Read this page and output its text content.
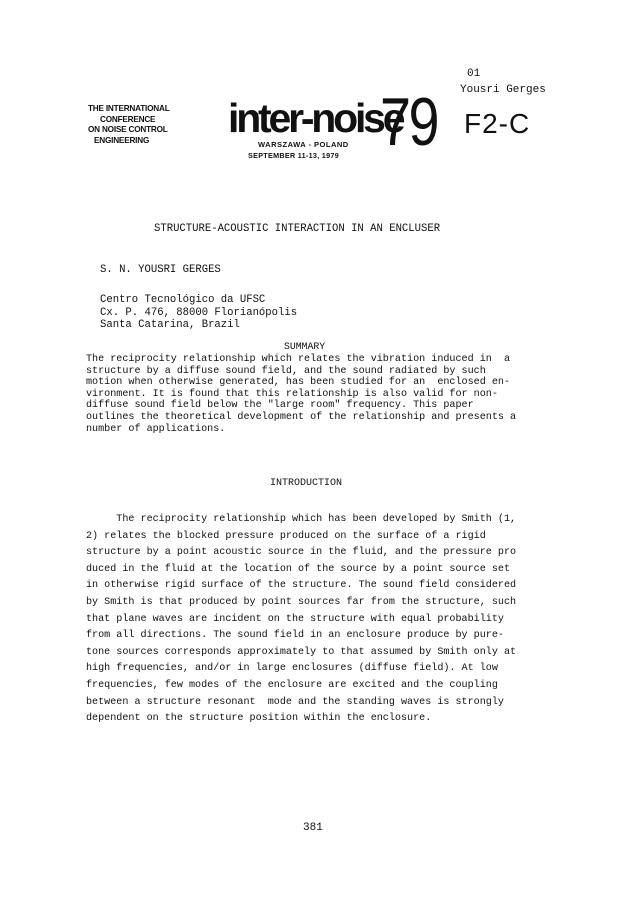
01
Yousri Gerges
THE INTERNATIONAL
CONFERENCE
ON NOISE CONTROL
ENGINEERING	inter-noise
79
WARSZAWA - POLAND
SEPTEMBER 11-13, 1979
F2-C
STRUCTURE-ACOUSTIC INTERACTION IN AN ENCLUSER
S. N. YOUSRI GERGES
Centro Tecnológico da UFSC
Cx. P. 476, 88000 Florianópolis
Santa Catarina, Brazil
SUMMARY
The reciprocity relationship which relates the vibration induced in  a
structure by a diffuse sound field, and the sound radiated by such
motion when otherwise generated, has been studied for an  enclosed en-
vironment. It is found that this relationship is also valid for non-
diffuse sound field below the "large room" frequency. This paper
outlines the theoretical development of the relationship and presents a
number of applications.
INTRODUCTION
The reciprocity relationship which has been developed by Smith (1,
2) relates the blocked pressure produced on the surface of a rigid
structure by a point acoustic source in the fluid, and the pressure pro
duced in the fluid at the location of the source by a point source set
in otherwise rigid surface of the structure. The sound field considered
by Smith is that produced by point sources far from the structure, such
that plane waves are incident on the structure with equal probability
from all directions. The sound field in an enclosure produce by pure-
tone sources corresponds approximately to that assumed by Smith only at
high frequencies, and/or in large enclosures (diffuse field). At low
frequencies, few modes of the enclosure are excited and the coupling
between a structure resonant  mode and the standing waves is strongly
dependent on the structure position within the enclosure.
381
